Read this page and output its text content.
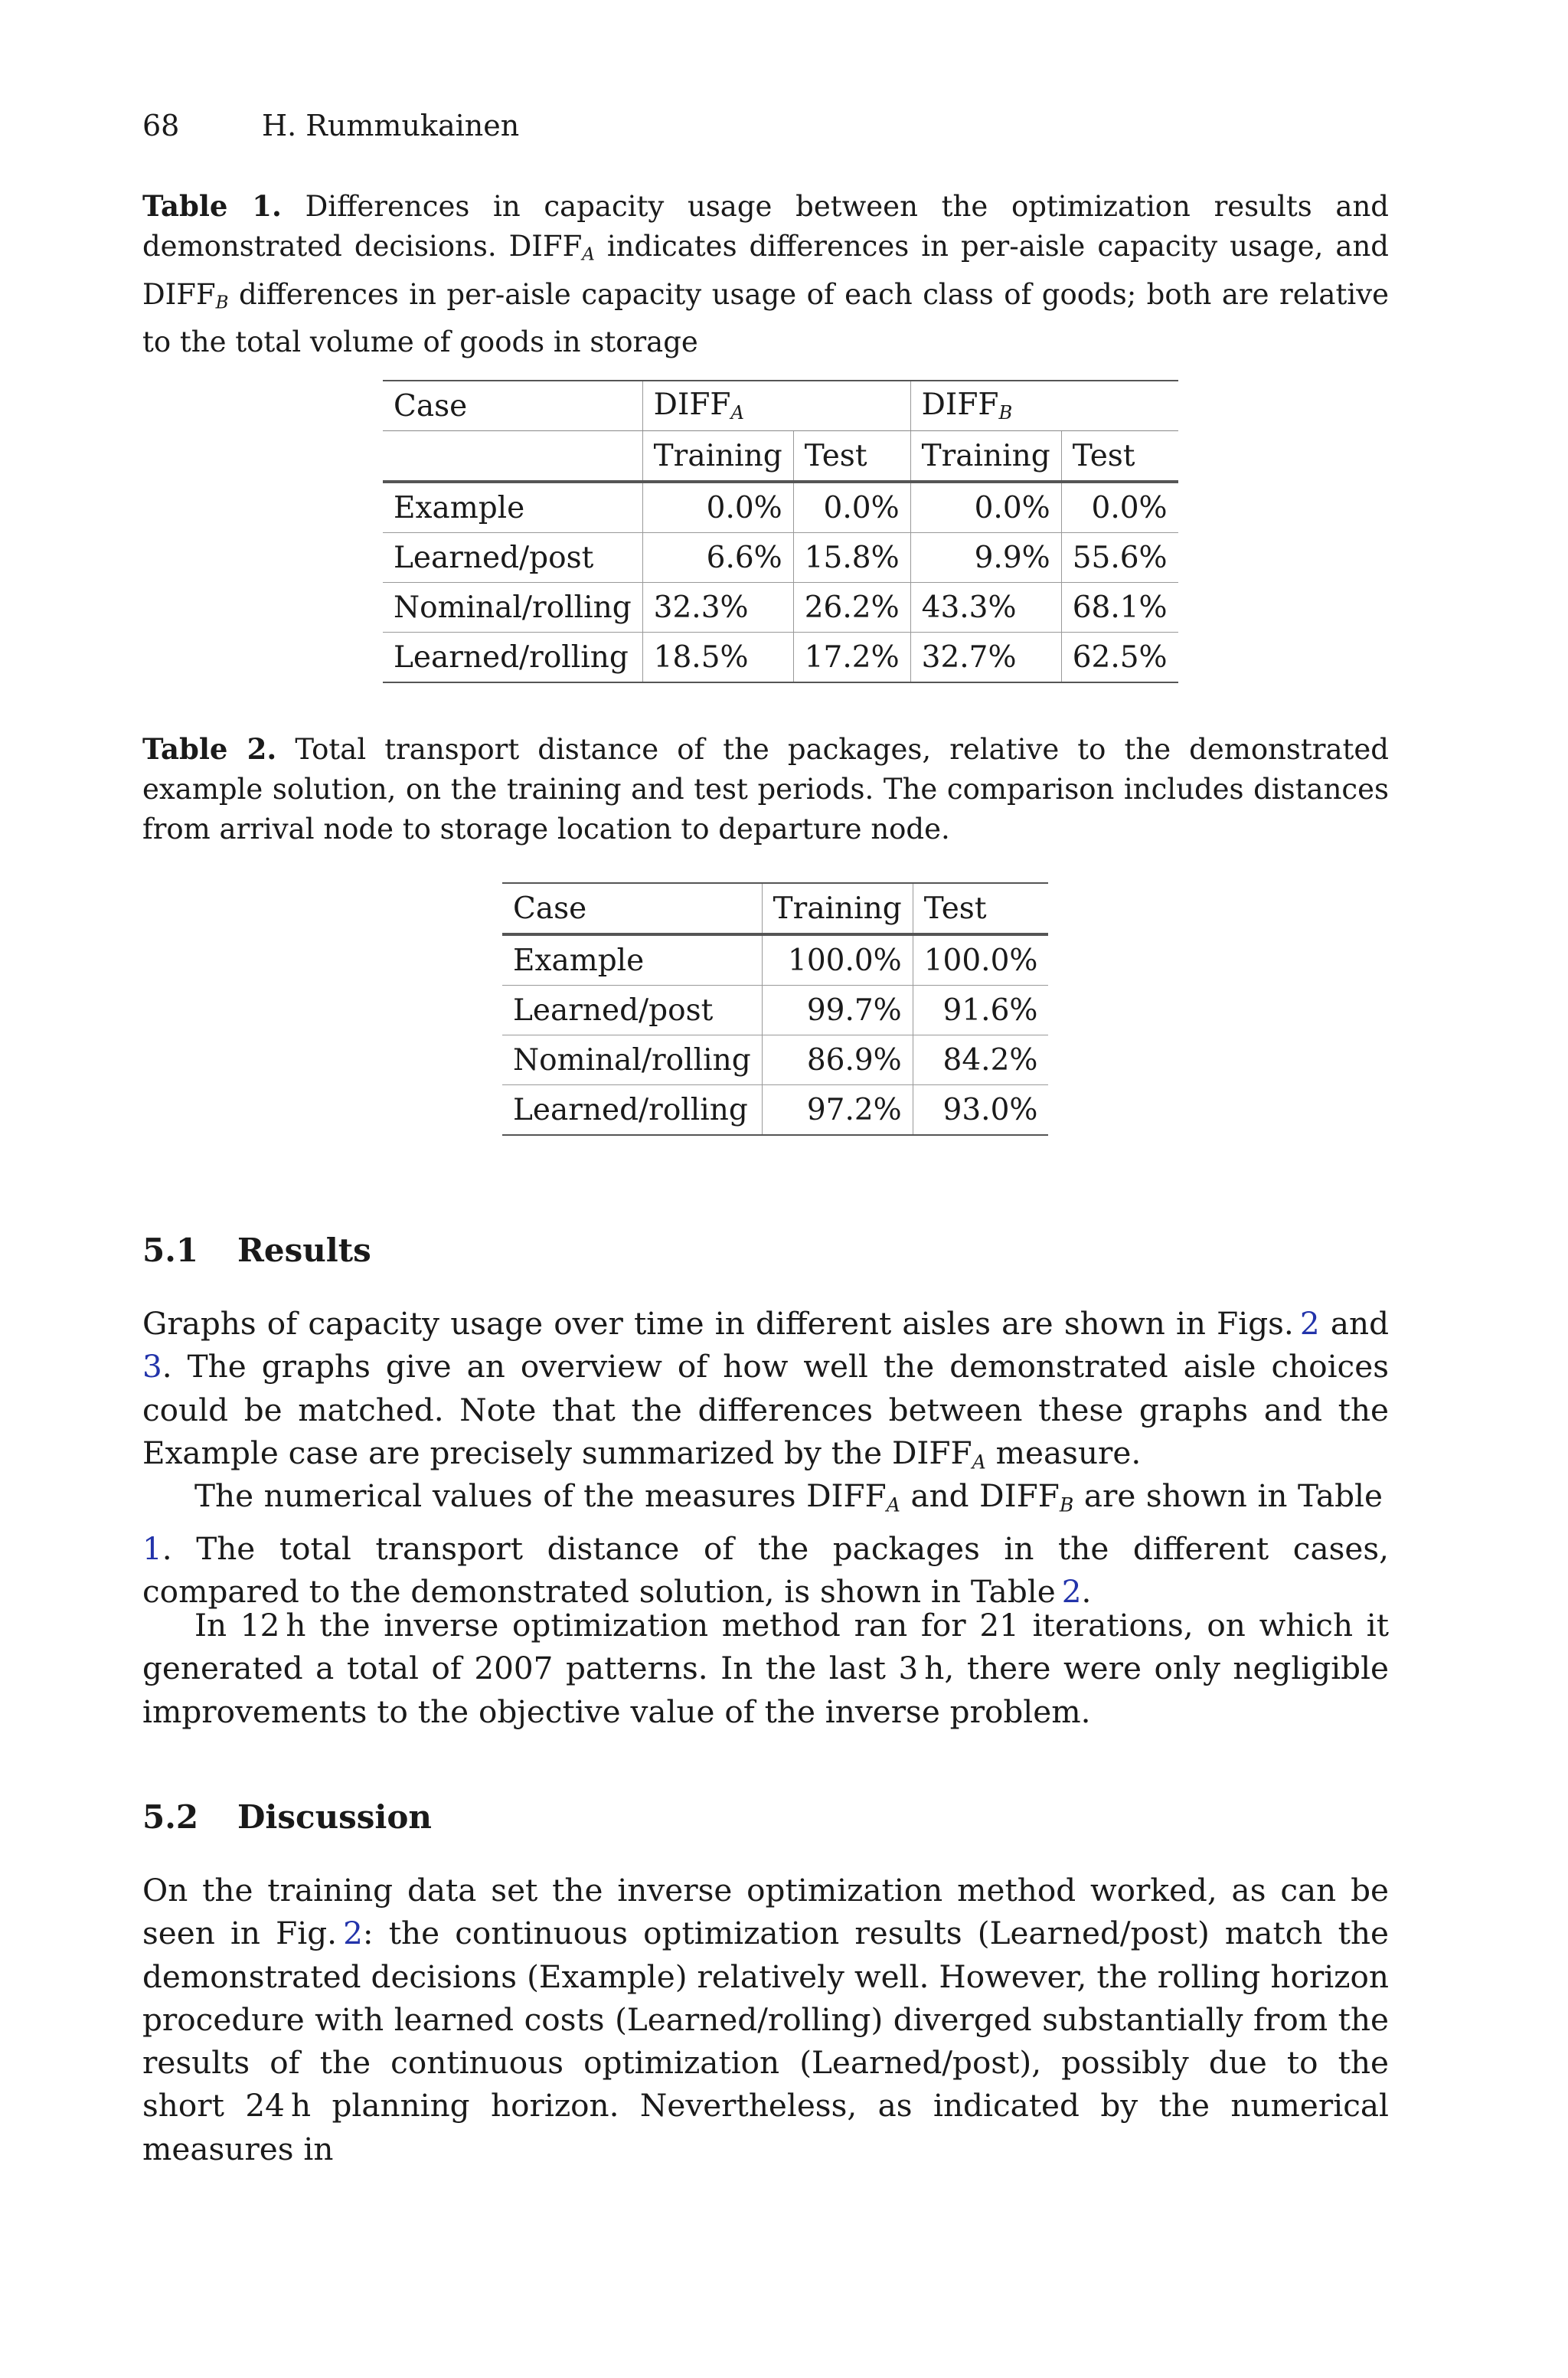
68	H. Rummukainen
Table 1. Differences in capacity usage between the optimization results and demonstrated decisions. $DIFF_A$ indicates differences in per-aisle capacity usage, and $DIFF_B$ differences in per-aisle capacity usage of each class of goods; both are relative to the total volume of goods in storage
Case	$DIFF_A$		$DIFF_B$
	Training	Test	Training	Test
Example	0.0%	0.0%	0.0%	0.0%
Learned/post	6.6%	15.8%	9.9%	55.6%
Nominal/rolling	32.3%	26.2%	43.3%	68.1%
Learned/rolling	18.5%	17.2%	32.7%	62.5%
Table 2. Total transport distance of the packages, relative to the demonstrated example solution, on the training and test periods. The comparison includes distances from arrival node to storage location to departure node.
Case	Training	Test
Example	100.0%	100.0%
Learned/post	99.7%	91.6%
Nominal/rolling	86.9%	84.2%
Learned/rolling	97.2%	93.0%
5.1 Results

Graphs of capacity usage over time in different aisles are shown in Figs. 2 and 3. The graphs give an overview of how well the demonstrated aisle choices could be matched. Note that the differences between these graphs and the Example case are precisely summarized by the $DIFF_A$ measure.

The numerical values of the measures $DIFF_A$ and $DIFF_B$ are shown in Table 1. The total transport distance of the packages in the different cases, compared to the demonstrated solution, is shown in Table 2.

In 12 h the inverse optimization method ran for 21 iterations, on which it generated a total of 2007 patterns. In the last 3 h, there were only negligible improvements to the objective value of the inverse problem.

5.2 Discussion

On the training data set the inverse optimization method worked, as can be seen in Fig. 2: the continuous optimization results (Learned/post) match the demonstrated decisions (Example) relatively well. However, the rolling horizon procedure with learned costs (Learned/rolling) diverged substantially from the results of the continuous optimization (Learned/post), possibly due to the short 24 h planning horizon. Nevertheless, as indicated by the numerical measures in
